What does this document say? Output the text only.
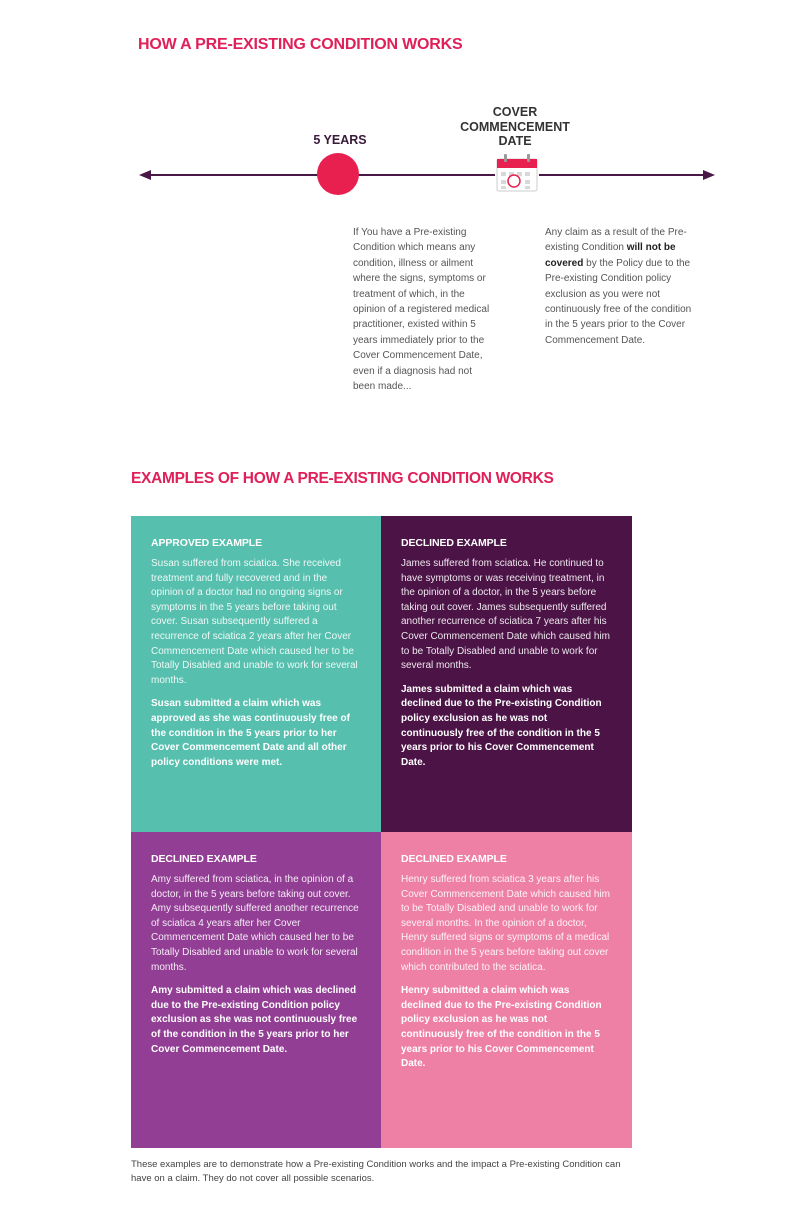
HOW A PRE-EXISTING CONDITION WORKS
5 YEARS
COVER
COMMENCEMENT
DATE
If You have a Pre-existing Condition which means any condition, illness or ailment where the signs, symptoms or treatment of which, in the opinion of a registered medical practitioner, existed within 5 years immediately prior to the Cover Commencement Date, even if a diagnosis had not been made...
Any claim as a result of the Pre-existing Condition will not be covered by the Policy due to the Pre-existing Condition policy exclusion as you were not continuously free of the condition in the 5 years prior to the Cover Commencement Date.
EXAMPLES OF HOW A PRE-EXISTING CONDITION WORKS
APPROVED EXAMPLE
Susan suffered from sciatica. She received treatment and fully recovered and in the opinion of a doctor had no ongoing signs or symptoms in the 5 years before taking out cover. Susan subsequently suffered a recurrence of sciatica 2 years after her Cover Commencement Date which caused her to be Totally Disabled and unable to work for several months.
Susan submitted a claim which was approved as she was continuously free of the condition in the 5 years prior to her Cover Commencement Date and all other policy conditions were met.
DECLINED EXAMPLE
James suffered from sciatica. He continued to have symptoms or was receiving treatment, in the opinion of a doctor, in the 5 years before taking out cover. James subsequently suffered another recurrence of sciatica 7 years after his Cover Commencement Date which caused him to be Totally Disabled and unable to work for several months.
James submitted a claim which was declined due to the Pre-existing Condition policy exclusion as he was not continuously free of the condition in the 5 years prior to his Cover Commencement Date.
DECLINED EXAMPLE
Amy suffered from sciatica, in the opinion of a doctor, in the 5 years before taking out cover. Amy subsequently suffered another recurrence of sciatica 4 years after her Cover Commencement Date which caused her to be Totally Disabled and unable to work for several months.
Amy submitted a claim which was declined due to the Pre-existing Condition policy exclusion as she was not continuously free of the condition in the 5 years prior to her Cover Commencement Date.
DECLINED EXAMPLE
Henry suffered from sciatica 3 years after his Cover Commencement Date which caused him to be Totally Disabled and unable to work for several months. In the opinion of a doctor, Henry suffered signs or symptoms of a medical condition in the 5 years before taking out cover which contributed to the sciatica.
Henry submitted a claim which was declined due to the Pre-existing Condition policy exclusion as he was not continuously free of the condition in the 5 years prior to his Cover Commencement Date.
These examples are to demonstrate how a Pre-existing Condition works and the impact a Pre-existing Condition can have on a claim. They do not cover all possible scenarios.
